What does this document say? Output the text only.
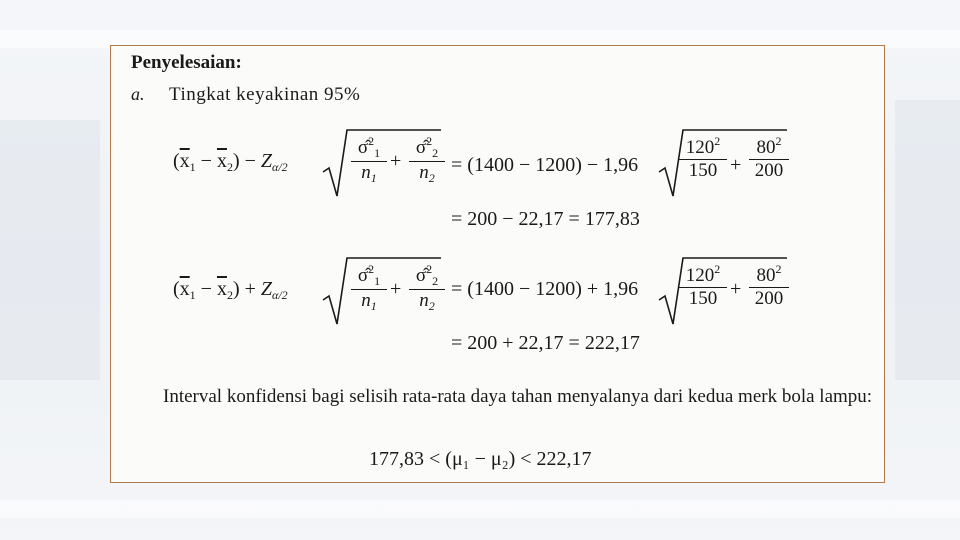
Penyelesaian:
a. Tingkat keyakinan 95%
$(\overline{x}_1 - \overline{x}_2) - Z_{\alpha/2}$	$\frac{\sigmâ^2_1}{n_1} + \frac{\sigmâ^2_2}{n_2} = (1400 - 1200) - 1,96 \frac{120^2}{150} + \frac{80^2}{200}$
= 200 − 22,17 = 177,83
$(\overline{x}_1 - \overline{x}_2) + Z_{\alpha/2}$	$\frac{\sigmâ^2_1}{n_1} + \frac{\sigmâ^2_2}{n_2} = (1400 - 1200) + 1,96 \frac{120^2}{150} + \frac{80^2}{200}$
= 200 + 22,17 = 222,17
Interval konfidensi bagi selisih rata-rata daya tahan menyalanya dari kedua merk bola lampu:
177,83 < (μ₁ − μ₂) < 222,17
